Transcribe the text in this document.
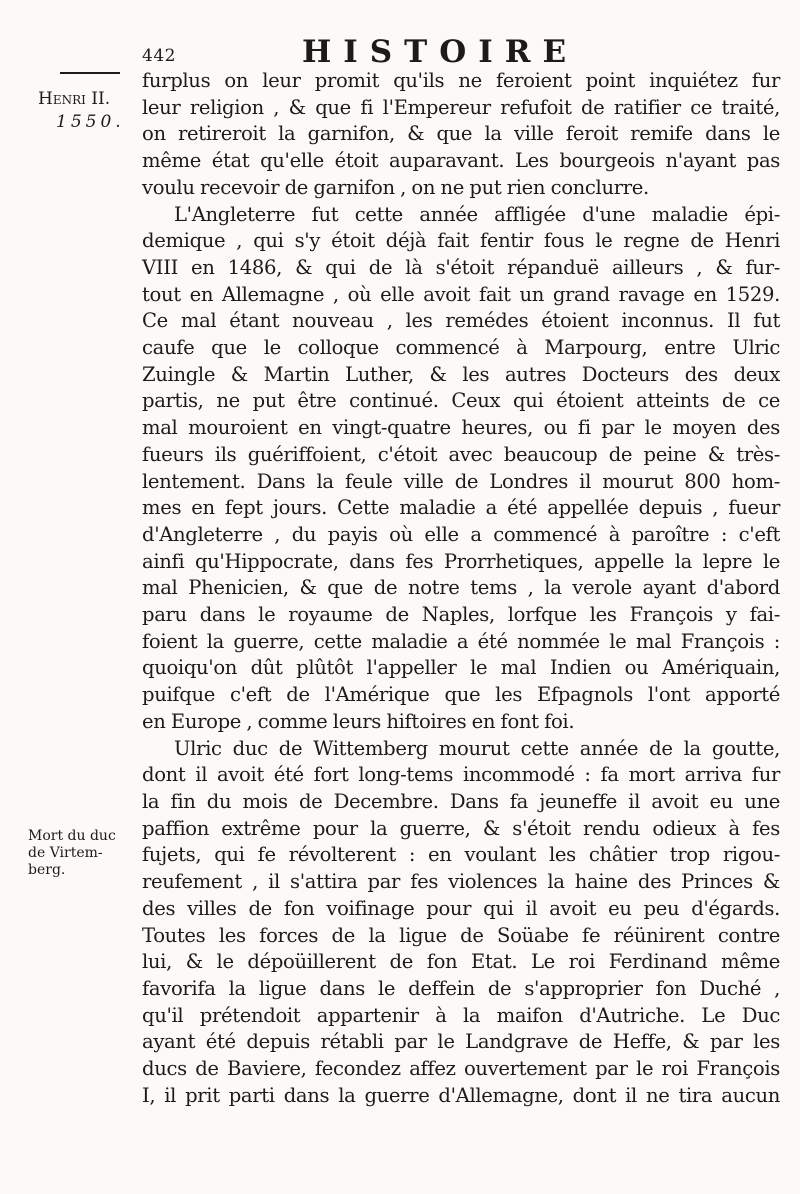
442	HISTOIRE
Henri II.
1550.
Mort du duc
de Virtem-
berg.
furplus on leur promit qu'ils ne feroient point inquiétez fur
leur religion , & que fi l'Empereur refufoit de ratifier ce traité,
on retireroit la garnifon, & que la ville feroit remife dans le
même état qu'elle étoit auparavant. Les bourgeois n'ayant pas
voulu recevoir de garnifon , on ne put rien conclurre.
L'Angleterre fut cette année affligée d'une maladie épi-
demique , qui s'y étoit déjà fait fentir fous le regne de Henri
VIII en 1486, & qui de là s'étoit répanduë ailleurs , & fur-
tout en Allemagne , où elle avoit fait un grand ravage en 1529.
Ce mal étant nouveau , les remédes étoient inconnus. Il fut
caufe que le colloque commencé à Marpourg, entre Ulric
Zuingle & Martin Luther, & les autres Docteurs des deux
partis, ne put être continué. Ceux qui étoient atteints de ce
mal mouroient en vingt-quatre heures, ou fi par le moyen des
fueurs ils guériffoient, c'étoit avec beaucoup de peine & très-
lentement. Dans la feule ville de Londres il mourut 800 hom-
mes en fept jours. Cette maladie a été appellée depuis , fueur
d'Angleterre , du payis où elle a commencé à paroître : c'eft
ainfi qu'Hippocrate, dans fes Prorrhetiques, appelle la lepre le
mal Phenicien, & que de notre tems , la verole ayant d'abord
paru dans le royaume de Naples, lorfque les François y fai-
foient la guerre, cette maladie a été nommée le mal François :
quoiqu'on dût plûtôt l'appeller le mal Indien ou Amériquain,
puifque c'eft de l'Amérique que les Efpagnols l'ont apporté
en Europe , comme leurs hiftoires en font foi.
Ulric duc de Wittemberg mourut cette année de la goutte,
dont il avoit été fort long-tems incommodé : fa mort arriva fur
la fin du mois de Decembre. Dans fa jeuneffe il avoit eu une
paffion extrême pour la guerre, & s'étoit rendu odieux à fes
fujets, qui fe révolterent : en voulant les châtier trop rigou-
reufement , il s'attira par fes violences la haine des Princes &
des villes de fon voifinage pour qui il avoit eu peu d'égards.
Toutes les forces de la ligue de Soüabe fe réünirent contre
lui, & le dépoüillerent de fon Etat. Le roi Ferdinand même
favorifa la ligue dans le deffein de s'approprier fon Duché ,
qu'il prétendoit appartenir à la maifon d'Autriche. Le Duc
ayant été depuis rétabli par le Landgrave de Heffe, & par les
ducs de Baviere, fecondez affez ouvertement par le roi François
I, il prit parti dans la guerre d'Allemagne, dont il ne tira aucun
